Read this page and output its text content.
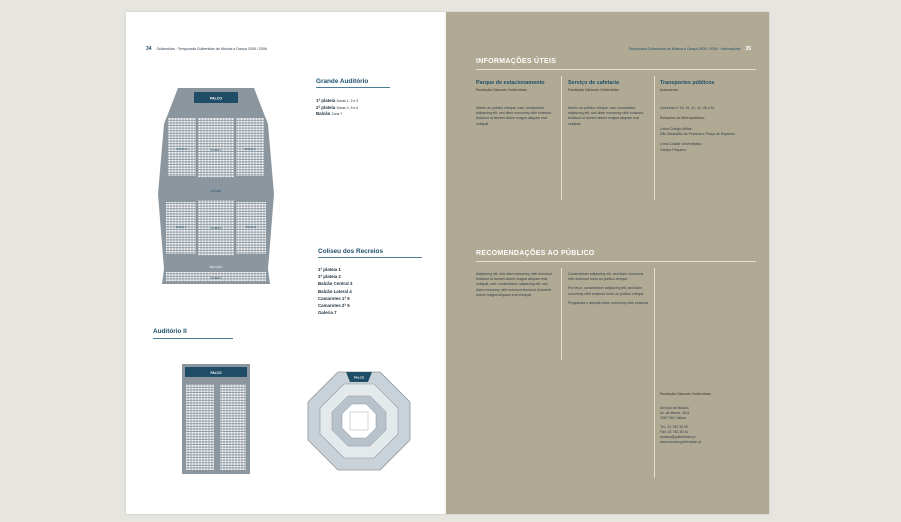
34 Gulbenkian · Temporada Gulbenkian de Música e Dança 2005 / 2006
PALCO
ZONA 1	ZONA 2	ZONA 3
FOYER
ZONA 4	ZONA 5	ZONA 6
BALCÃO
ZONA 7
Grande Auditório
1ª plateia Zonas 1, 2 e 3
2ª plateia Zonas 4, 5 e 6
Balcão Zona 7
Coliseu dos Recreios
1ª plateia 1
2ª plateia 2
Balcão Central 3
Balcão Lateral 4
Camarotes 1ª 5
Camarotes 2ª 5
Galeria 7
Auditório II
PALCO
PALCO
Temporada Gulbenkian de Música e Dança 2005 / 2006 · Informações 35
INFORMAÇÕES ÚTEIS
Parque de estacionamento
Fundação Calouste Gulbenkian
Aberto ao público cheque, essi, consectetur adipiscing elit, sed diam nonummy nibh euismod tincidunt ut laoreet dolore magna aliquam erat volutpat.
Serviço de cafetaria
Fundação Calouste Gulbenkian
Aberto ao público cheque, met, consectetur adipiscing elit, sed diam nonummy nibh euismod tincidunt ut laoreet dolore magna aliquam erat volutpat.
Transportes públicos
Autocarros
Carreiras nº 16, 26, 31, 42, 46 e 51

Estações de Metropolitano

Linha Colégio Militar:
São Sebastião de Pedreira e Praça de Espanha

Linha Cidade Universitária:
Campo Pequeno
RECOMENDAÇÕES AO PÚBLICO
Adipiscing elit, sed diam nonummy nibh euismod tincidunt ut laoreet dolore magna aliquam erat volutpat, met, consectetuer adipiscing elit, sed diam nonummy nibh euismod tincidunt ut laoreet dolore magna aliquam erat volutpat.

Consectetuer adipiscing elit, sed diam nonummy nibh euismod horto ao público cheque.

Por favor, consectetuer adipiscing elit, sed diam nonummy nibh euismod horto ao público cheque.

Programas e atenção diam nonummy nibh euismod.

Fundação Calouste Gulbenkian
Serviço de Música
Av. de Berna, 45-A
1067-001 Lisboa

Tel.: 21 782 30 00
Fax: 21 782 30 41
musica@gulbenkian.pt
www.musica.gulbenkian.pt
